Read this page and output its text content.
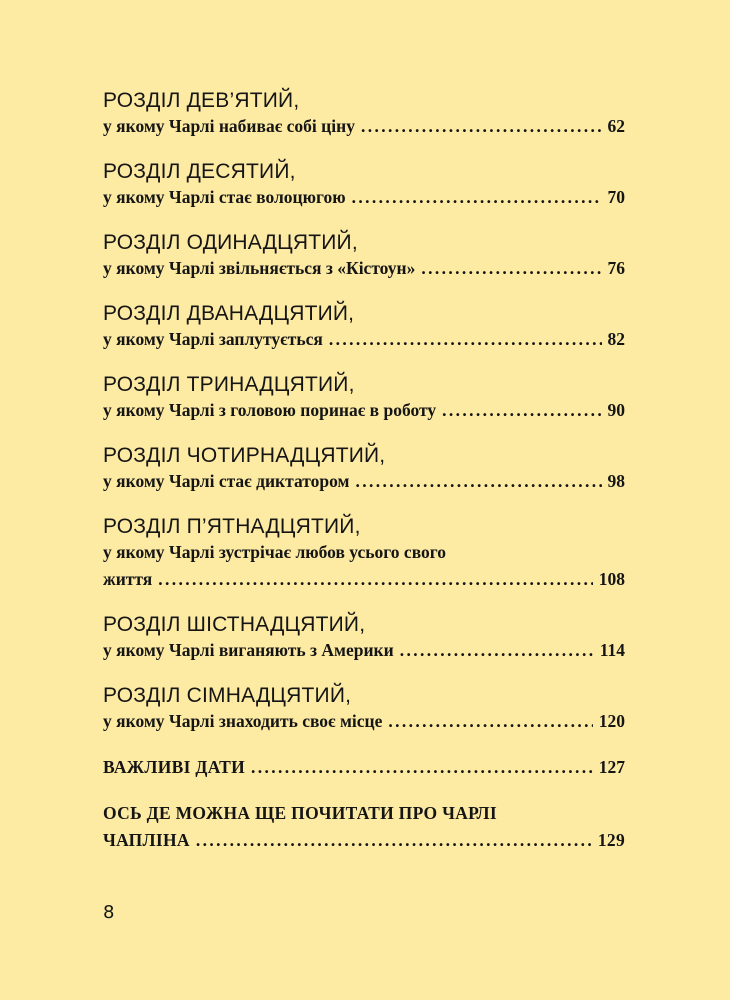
РОЗДІЛ ДЕВ’ЯТИЙ,
у якому Чарлі набиває собі ціну . . .	62
РОЗДІЛ ДЕСЯТИЙ,
у якому Чарлі стає волоцюгою . . .	70
РОЗДІЛ ОДИНАДЦЯТИЙ,
у якому Чарлі звільняється з «Кістоун» . . .	76
РОЗДІЛ ДВАНАДЦЯТИЙ,
у якому Чарлі заплутується . . .	82
РОЗДІЛ ТРИНАДЦЯТИЙ,
у якому Чарлі з головою поринає в роботу . . .	90
РОЗДІЛ ЧОТИРНАДЦЯТИЙ,
у якому Чарлі стає диктатором . . .	98
РОЗДІЛ П’ЯТНАДЦЯТИЙ,
у якому Чарлі зустрічає любов усього свого
життя . . .	108
РОЗДІЛ ШІСТНАДЦЯТИЙ,
у якому Чарлі виганяють з Америки . . .	114
РОЗДІЛ СІМНАДЦЯТИЙ,
у якому Чарлі знаходить своє місце . . .	120
ВАЖЛИВІ ДАТИ . . .	127
ОСЬ ДЕ МОЖНА ЩЕ ПОЧИТАТИ ПРО ЧАРЛІ
ЧАПЛІНА . . .	129
8
